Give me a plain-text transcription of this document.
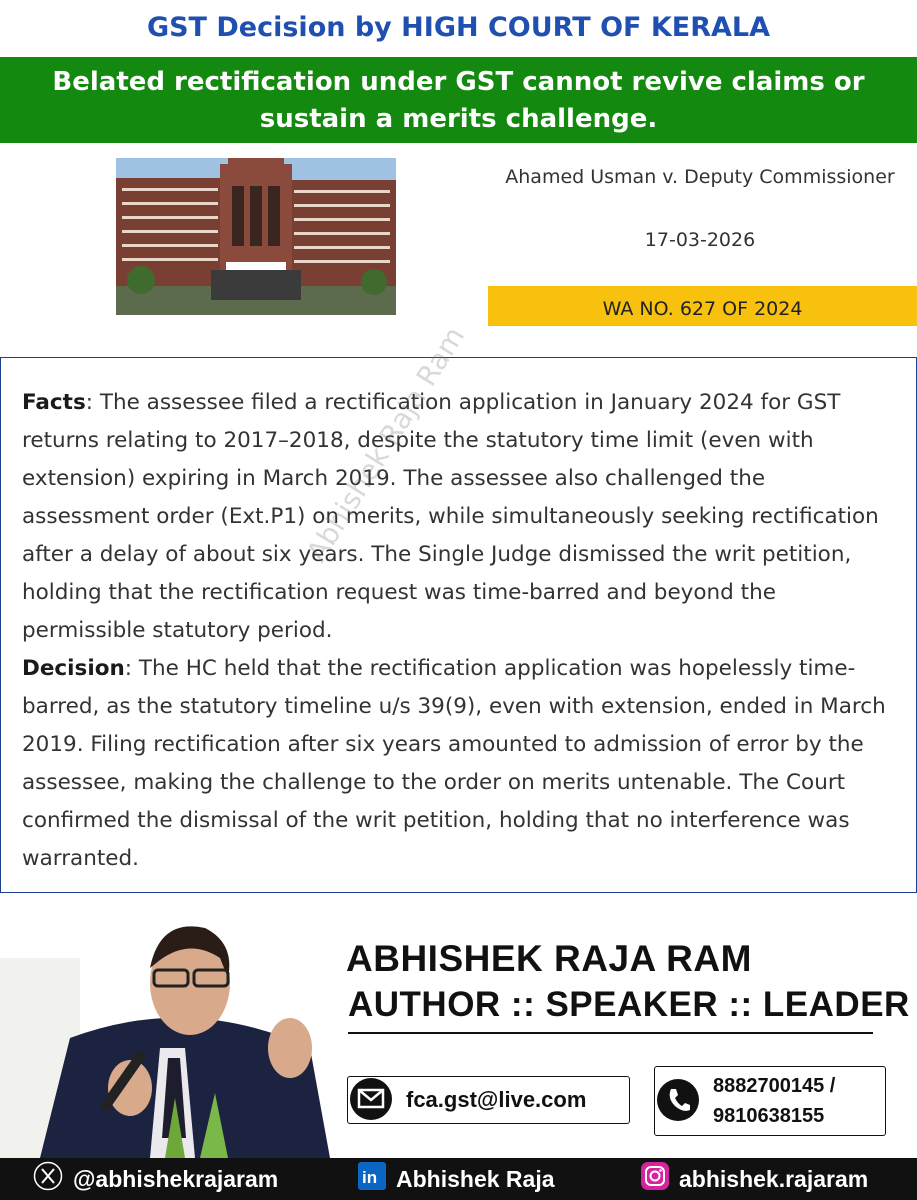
GST Decision by HIGH COURT OF KERALA
Belated rectification under GST cannot revive claims or sustain a merits challenge.
Ahamed Usman v. Deputy Commissioner
17-03-2026
WA NO. 627 OF 2024
Facts: The assessee filed a rectification application in January 2024 for GST returns relating to 2017–2018, despite the statutory time limit (even with extension) expiring in March 2019. The assessee also challenged the assessment order (Ext.P1) on merits, while simultaneously seeking rectification after a delay of about six years. The Single Judge dismissed the writ petition, holding that the rectification request was time-barred and beyond the permissible statutory period.
Decision: The HC held that the rectification application was hopelessly time-barred, as the statutory timeline u/s 39(9), even with extension, ended in March 2019. Filing rectification after six years amounted to admission of error by the assessee, making the challenge to the order on merits untenable. The Court confirmed the dismissal of the writ petition, holding that no interference was warranted.
Abhishek Raja Ram
ABHISHEK RAJA RAM
AUTHOR :: SPEAKER :: LEADER
fca.gst@live.com
8882700145 /
9810638155
@abhishekrajaram	in Abhishek Raja	abhishek.rajaram
